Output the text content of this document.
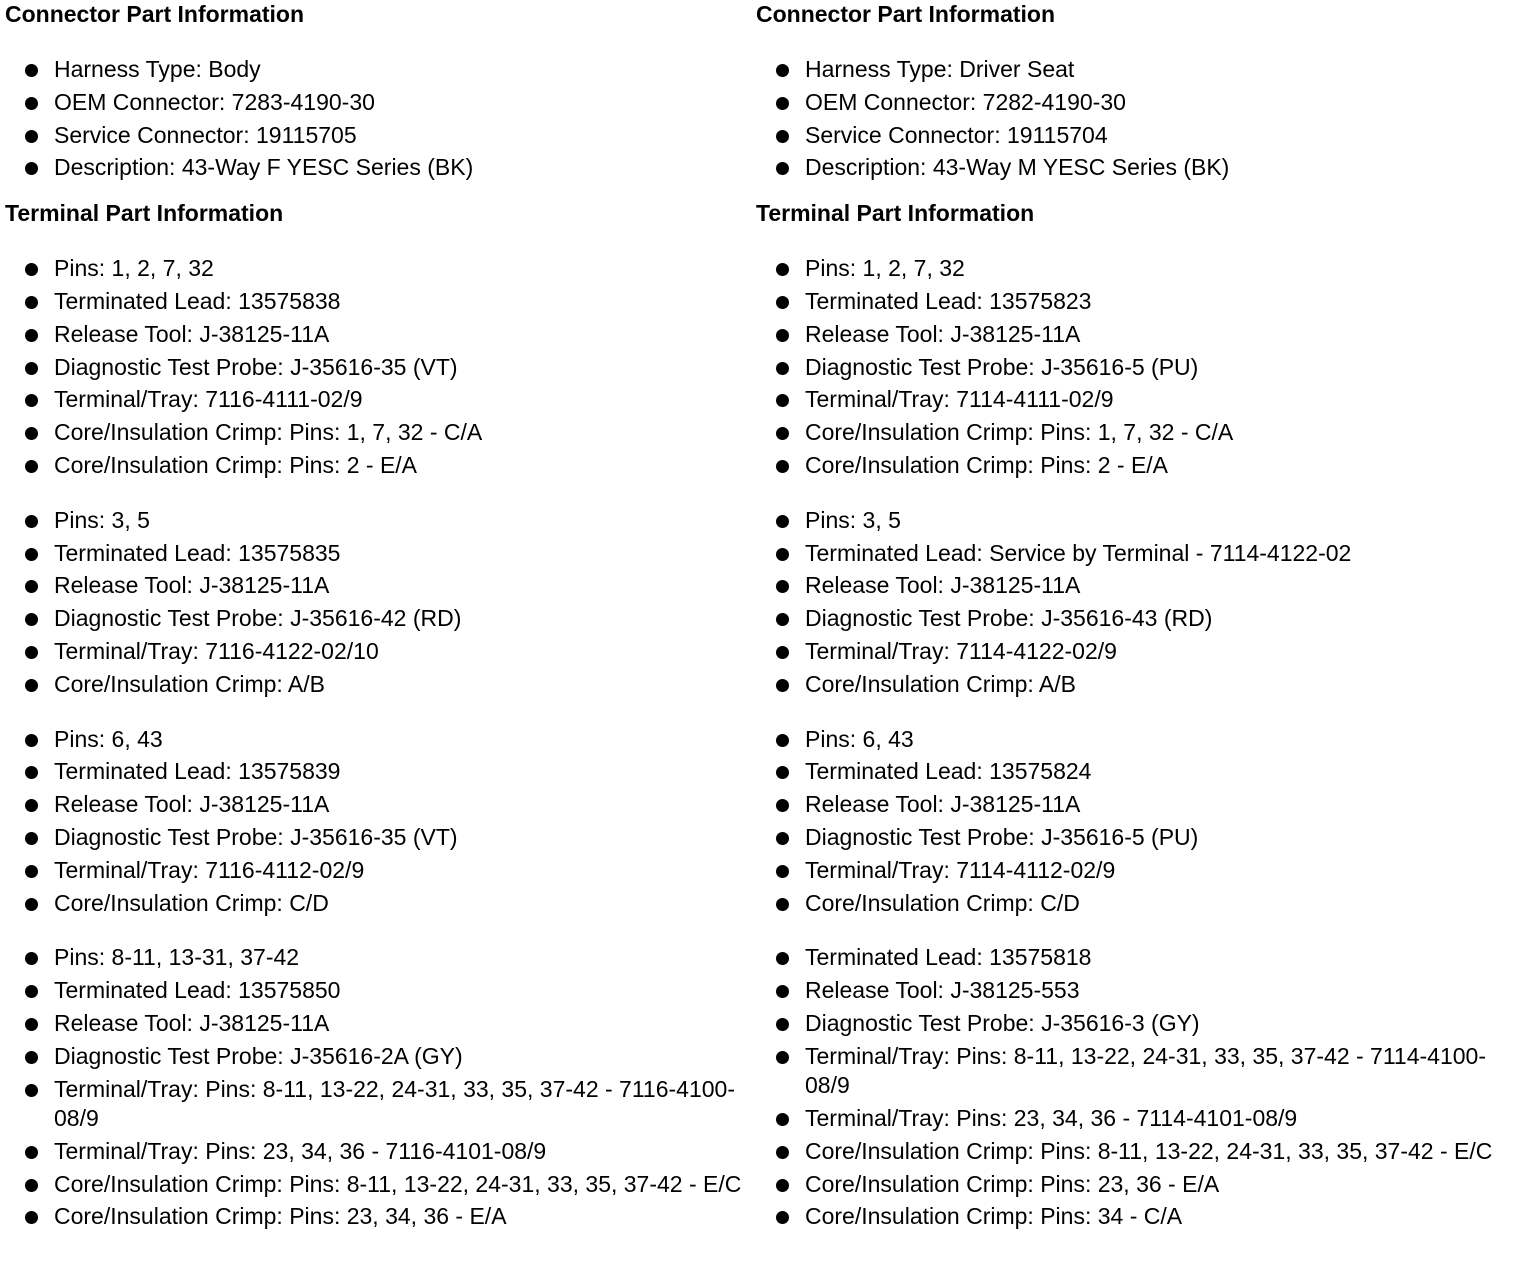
Connector Part Information
Harness Type: Body
OEM Connector: 7283-4190-30
Service Connector: 19115705
Description: 43-Way F YESC Series (BK)
Terminal Part Information
Pins: 1, 2, 7, 32
Terminated Lead: 13575838
Release Tool: J-38125-11A
Diagnostic Test Probe: J-35616-35 (VT)
Terminal/Tray: 7116-4111-02/9
Core/Insulation Crimp: Pins: 1, 7, 32 - C/A
Core/Insulation Crimp: Pins: 2 - E/A
Pins: 3, 5
Terminated Lead: 13575835
Release Tool: J-38125-11A
Diagnostic Test Probe: J-35616-42 (RD)
Terminal/Tray: 7116-4122-02/10
Core/Insulation Crimp: A/B
Pins: 6, 43
Terminated Lead: 13575839
Release Tool: J-38125-11A
Diagnostic Test Probe: J-35616-35 (VT)
Terminal/Tray: 7116-4112-02/9
Core/Insulation Crimp: C/D
Pins: 8-11, 13-31, 37-42
Terminated Lead: 13575850
Release Tool: J-38125-11A
Diagnostic Test Probe: J-35616-2A (GY)
Terminal/Tray: Pins: 8-11, 13-22, 24-31, 33, 35, 37-42 - 7116-4100-08/9
Terminal/Tray: Pins: 23, 34, 36 - 7116-4101-08/9
Core/Insulation Crimp: Pins: 8-11, 13-22, 24-31, 33, 35, 37-42 - E/C
Core/Insulation Crimp: Pins: 23, 34, 36 - E/A
Connector Part Information
Harness Type: Driver Seat
OEM Connector: 7282-4190-30
Service Connector: 19115704
Description: 43-Way M YESC Series (BK)
Terminal Part Information
Pins: 1, 2, 7, 32
Terminated Lead: 13575823
Release Tool: J-38125-11A
Diagnostic Test Probe: J-35616-5 (PU)
Terminal/Tray: 7114-4111-02/9
Core/Insulation Crimp: Pins: 1, 7, 32 - C/A
Core/Insulation Crimp: Pins: 2 - E/A
Pins: 3, 5
Terminated Lead: Service by Terminal - 7114-4122-02
Release Tool: J-38125-11A
Diagnostic Test Probe: J-35616-43 (RD)
Terminal/Tray: 7114-4122-02/9
Core/Insulation Crimp: A/B
Pins: 6, 43
Terminated Lead: 13575824
Release Tool: J-38125-11A
Diagnostic Test Probe: J-35616-5 (PU)
Terminal/Tray: 7114-4112-02/9
Core/Insulation Crimp: C/D
Terminated Lead: 13575818
Release Tool: J-38125-553
Diagnostic Test Probe: J-35616-3 (GY)
Terminal/Tray: Pins: 8-11, 13-22, 24-31, 33, 35, 37-42 - 7114-4100-08/9
Terminal/Tray: Pins: 23, 34, 36 - 7114-4101-08/9
Core/Insulation Crimp: Pins: 8-11, 13-22, 24-31, 33, 35, 37-42 - E/C
Core/Insulation Crimp: Pins: 23, 36 - E/A
Core/Insulation Crimp: Pins: 34 - C/A
